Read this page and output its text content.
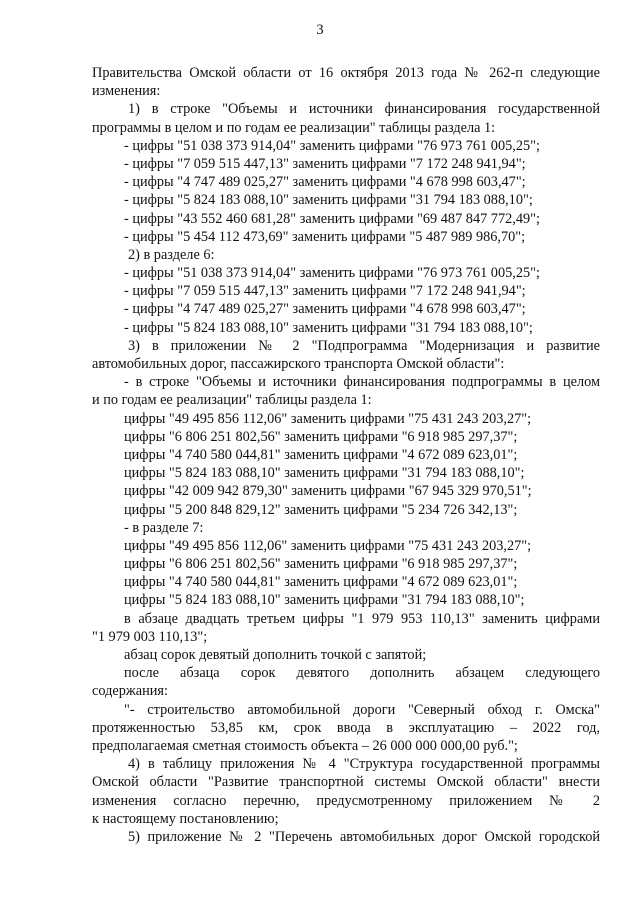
3
Правительства Омской области от 16 октября 2013 года № 262-п следующие
изменения:
1) в строке "Объемы и источники финансирования государственной
программы в целом и по годам ее реализации" таблицы раздела 1:
- цифры "51 038 373 914,04" заменить цифрами "76 973 761 005,25";
- цифры "7 059 515 447,13" заменить цифрами "7 172 248 941,94";
- цифры "4 747 489 025,27" заменить цифрами "4 678 998 603,47";
- цифры "5 824 183 088,10" заменить цифрами "31 794 183 088,10";
- цифры "43 552 460 681,28" заменить цифрами "69 487 847 772,49";
- цифры "5 454 112 473,69" заменить цифрами "5 487 989 986,70";
2) в разделе 6:
- цифры "51 038 373 914,04" заменить цифрами "76 973 761 005,25";
- цифры "7 059 515 447,13" заменить цифрами "7 172 248 941,94";
- цифры "4 747 489 025,27" заменить цифрами "4 678 998 603,47";
- цифры "5 824 183 088,10" заменить цифрами "31 794 183 088,10";
3) в приложении № 2 "Подпрограмма "Модернизация и развитие
автомобильных дорог, пассажирского транспорта Омской области":
- в строке "Объемы и источники финансирования подпрограммы в целом
и по годам ее реализации" таблицы раздела 1:
цифры "49 495 856 112,06" заменить цифрами "75 431 243 203,27";
цифры "6 806 251 802,56" заменить цифрами "6 918 985 297,37";
цифры "4 740 580 044,81" заменить цифрами "4 672 089 623,01";
цифры "5 824 183 088,10" заменить цифрами "31 794 183 088,10";
цифры "42 009 942 879,30" заменить цифрами "67 945 329 970,51";
цифры "5 200 848 829,12" заменить цифрами "5 234 726 342,13";
- в разделе 7:
цифры "49 495 856 112,06" заменить цифрами "75 431 243 203,27";
цифры "6 806 251 802,56" заменить цифрами "6 918 985 297,37";
цифры "4 740 580 044,81" заменить цифрами "4 672 089 623,01";
цифры "5 824 183 088,10" заменить цифрами "31 794 183 088,10";
в абзаце двадцать третьем цифры "1 979 953 110,13" заменить цифрами
"1 979 003 110,13";
абзац сорок девятый дополнить точкой с запятой;
после абзаца сорок девятого дополнить абзацем следующего
содержания:
"- строительство автомобильной дороги "Северный обход г. Омска"
протяженностью 53,85 км, срок ввода в эксплуатацию – 2022 год,
предполагаемая сметная стоимость объекта – 26 000 000 000,00 руб.";
4) в таблицу приложения № 4 "Структура государственной программы
Омской области "Развитие транспортной системы Омской области" внести
изменения согласно перечню, предусмотренному приложением № 2
к настоящему постановлению;
5) приложение № 2 "Перечень автомобильных дорог Омской городской
